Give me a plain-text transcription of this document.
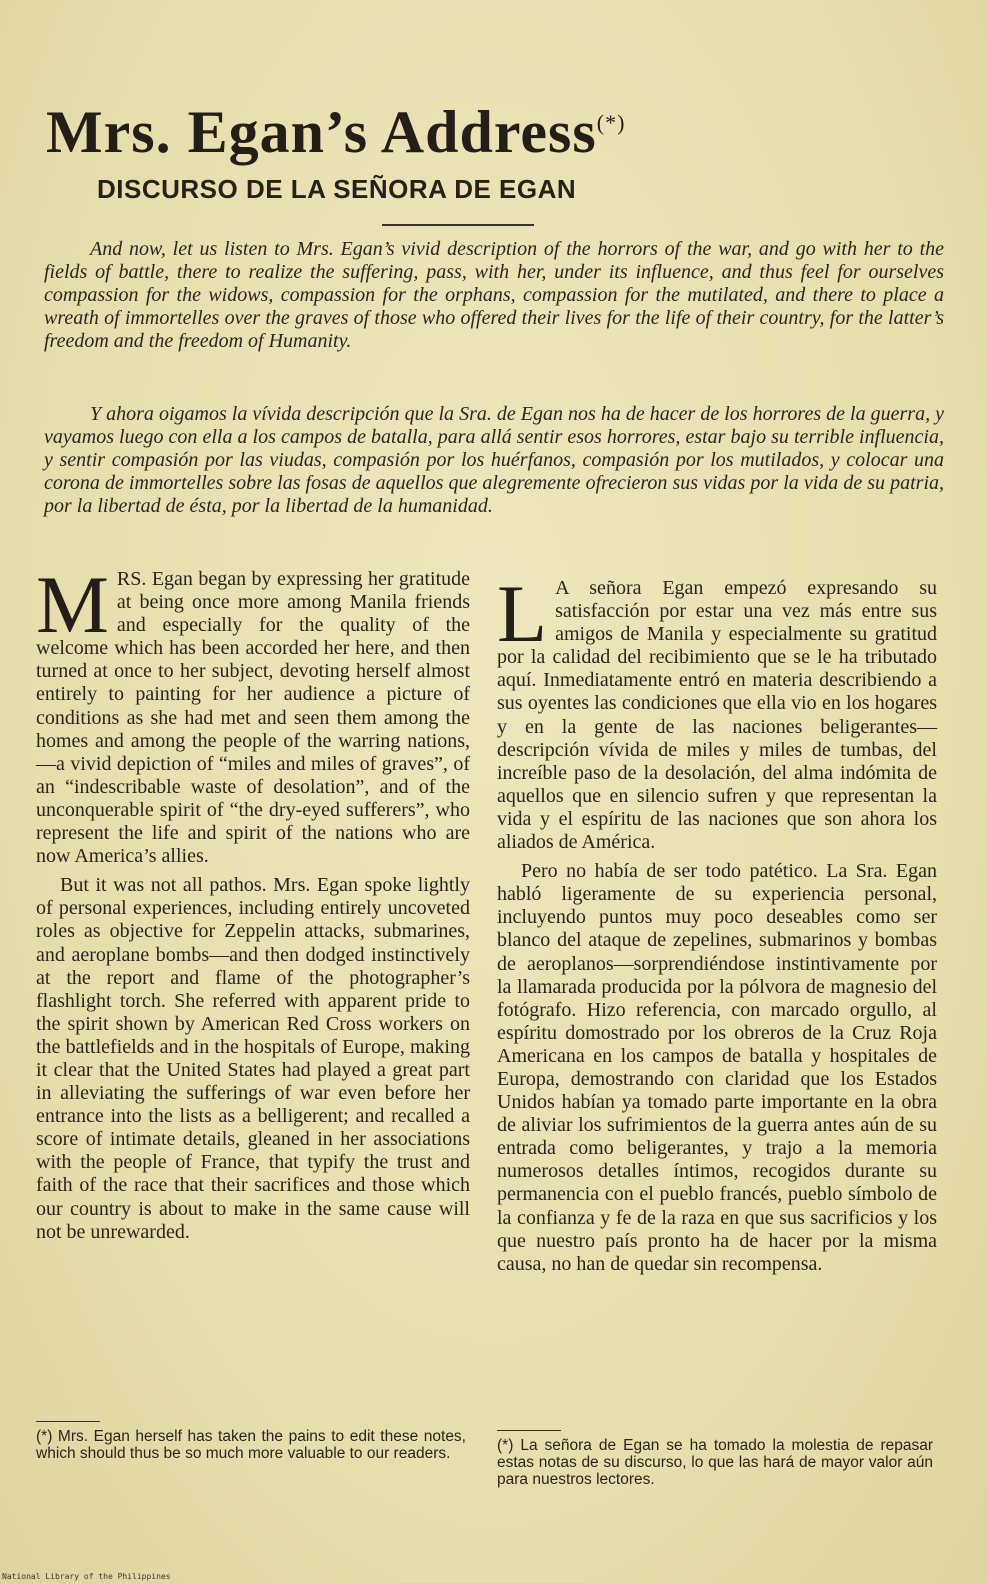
Mrs. Egan’s Address(*)
DISCURSO DE LA SEÑORA DE EGAN

And now, let us listen to Mrs. Egan’s vivid description of the horrors of the war, and go with her to the fields of battle, there to realize the suffering, pass, with her, under its influence, and thus feel for ourselves compassion for the widows, compassion for the orphans, compassion for the mutilated, and there to place a wreath of immortelles over the graves of those who offered their lives for the life of their country, for the latter’s freedom and the freedom of Humanity.

Y ahora oigamos la vívida descripción que la Sra. de Egan nos ha de hacer de los horrores de la guerra, y vayamos luego con ella a los campos de batalla, para allá sentir esos horrores, estar bajo su terrible influencia, y sentir compasión por las viudas, compasión por los huérfanos, compasión por los mutilados, y colocar una corona de immortelles sobre las fosas de aquellos que alegremente ofrecieron sus vidas por la vida de su patria, por la libertad de ésta, por la libertad de la humanidad.

MRS. Egan began by expressing her gratitude at being once more among Manila friends and especially for the quality of the welcome which has been accorded her here, and then turned at once to her subject, devoting herself almost entirely to painting for her audience a picture of conditions as she had met and seen them among the homes and among the people of the warring nations,—a vivid depiction of “miles and miles of graves”, of an “indescribable waste of desolation”, and of the unconquerable spirit of “the dry-eyed sufferers”, who represent the life and spirit of the nations who are now America’s allies.

But it was not all pathos. Mrs. Egan spoke lightly of personal experiences, including entirely uncoveted roles as objective for Zeppelin attacks, submarines, and aeroplane bombs—and then dodged instinctively at the report and flame of the photographer’s flashlight torch. She referred with apparent pride to the spirit shown by American Red Cross workers on the battlefields and in the hospitals of Europe, making it clear that the United States had played a great part in alleviating the sufferings of war even before her entrance into the lists as a belligerent; and recalled a score of intimate details, gleaned in her associations with the people of France, that typify the trust and faith of the race that their sacrifices and those which our country is about to make in the same cause will not be unrewarded.

L A señora Egan empezó expresando su satisfacción por estar una vez más entre sus amigos de Manila y especialmente su gratitud por la calidad del recibimiento que se le ha tributado aquí. Inmediatamente entró en materia describiendo a sus oyentes las condiciones que ella vio en los hogares y en la gente de las naciones beligerantes—descripción vívida de miles y miles de tumbas, del increíble paso de la desolación, del alma indómita de aquellos que en silencio sufren y que representan la vida y el espíritu de las naciones que son ahora los aliados de América.

Pero no había de ser todo patético. La Sra. Egan habló ligeramente de su experiencia personal, incluyendo puntos muy poco deseables como ser blanco del ataque de zepelines, submarinos y bombas de aeroplanos—sorprendiéndose instintivamente por la llamarada producida por la pólvora de magnesio del fotógrafo. Hizo referencia, con marcado orgullo, al espíritu domostrado por los obreros de la Cruz Roja Americana en los campos de batalla y hospitales de Europa, demostrando con claridad que los Estados Unidos habían ya tomado parte importante en la obra de aliviar los sufrimientos de la guerra antes aún de su entrada como beligerantes, y trajo a la memoria numerosos detalles íntimos, recogidos durante su permanencia con el pueblo francés, pueblo símbolo de la confianza y fe de la raza en que sus sacrificios y los que nuestro país pronto ha de hacer por la misma causa, no han de quedar sin recompensa.

(*) Mrs. Egan herself has taken the pains to edit these notes, which should thus be so much more valuable to our readers.	(*) La señora de Egan se ha tomado la molestia de repasar estas notas de su discurso, lo que las hará de mayor valor aún para nuestros lectores.
National Library of the Philippines
